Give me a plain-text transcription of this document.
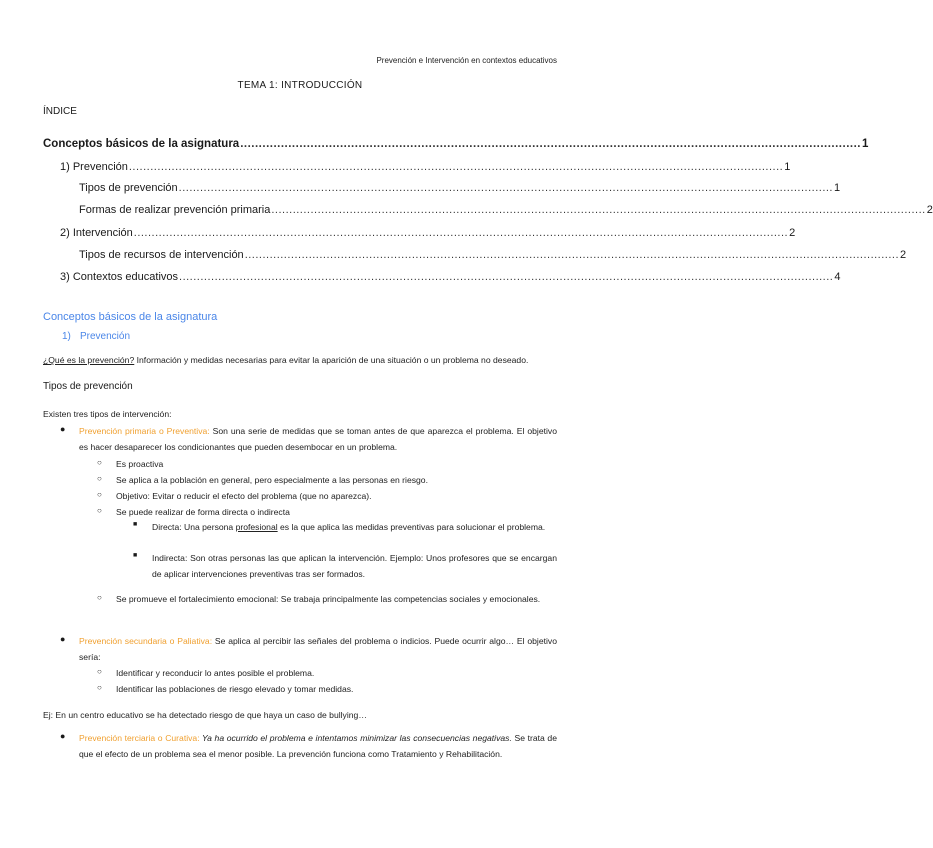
Prevención e Intervención en contextos educativos
TEMA 1: INTRODUCCIÓN
ÍNDICE
Conceptos básicos de la asignatura ........................................................................................................................................................................ 1
1) Prevención ........................................................................................................................................................................................ 1
Tipos de prevención ........................................................................................................................................................................................ 1
Formas de realizar prevención primaria ........................................................................................................................................................................................ 2
2) Intervención ........................................................................................................................................................................................ 2
Tipos de recursos de intervención ........................................................................................................................................................................................ 2
3) Contextos educativos ........................................................................................................................................................................................ 4
Conceptos básicos de la asignatura
1) Prevención
¿Qué es la prevención? Información y medidas necesarias para evitar la aparición de una situación o un problema no deseado.
Tipos de prevención
Existen tres tipos de intervención:
● Prevención primaria o Preventiva: Son una serie de medidas que se toman antes de que aparezca el problema. El objetivo es hacer desaparecer los condicionantes que pueden desembocar en un problema.
○ Es proactiva
○ Se aplica a la población en general, pero especialmente a las personas en riesgo.
○ Objetivo: Evitar o reducir el efecto del problema (que no aparezca).
○ Se puede realizar de forma directa o indirecta
■ Directa: Una persona profesional es la que aplica las medidas preventivas para solucionar el problema.
■ Indirecta: Son otras personas las que aplican la intervención. Ejemplo: Unos profesores que se encargan de aplicar intervenciones preventivas tras ser formados.
○ Se promueve el fortalecimiento emocional: Se trabaja principalmente las competencias sociales y emocionales.
● Prevención secundaria o Paliativa: Se aplica al percibir las señales del problema o indicios. Puede ocurrir algo… El objetivo sería:
○ Identificar y reconducir lo antes posible el problema.
○ Identificar las poblaciones de riesgo elevado y tomar medidas.
Ej: En un centro educativo se ha detectado riesgo de que haya un caso de bullying…
● Prevención terciaria o Curativa: Ya ha ocurrido el problema e intentamos minimizar las consecuencias negativas. Se trata de que el efecto de un problema sea el menor posible. La prevención funciona como Tratamiento y Rehabilitación.
